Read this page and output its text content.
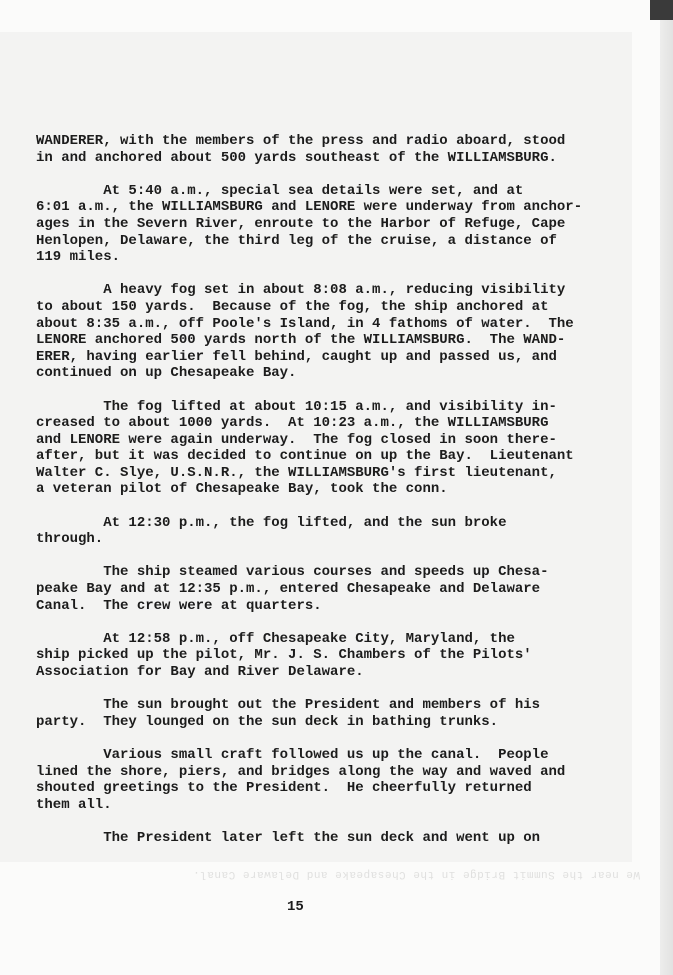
We near the Summit Bridge in the Chesapeake and Delaware Canal.
WANDERER, with the members of the press and radio aboard, stood
in and anchored about 500 yards southeast of the WILLIAMSBURG.
At 5:40 a.m., special sea details were set, and at
6:01 a.m., the WILLIAMSBURG and LENORE were underway from anchor-
ages in the Severn River, enroute to the Harbor of Refuge, Cape
Henlopen, Delaware, the third leg of the cruise, a distance of
119 miles.
A heavy fog set in about 8:08 a.m., reducing visibility
to about 150 yards.  Because of the fog, the ship anchored at
about 8:35 a.m., off Poole's Island, in 4 fathoms of water.  The
LENORE anchored 500 yards north of the WILLIAMSBURG.  The WAND-
ERER, having earlier fell behind, caught up and passed us, and
continued on up Chesapeake Bay.
The fog lifted at about 10:15 a.m., and visibility in-
creased to about 1000 yards.  At 10:23 a.m., the WILLIAMSBURG
and LENORE were again underway.  The fog closed in soon there-
after, but it was decided to continue on up the Bay.  Lieutenant
Walter C. Slye, U.S.N.R., the WILLIAMSBURG's first lieutenant,
a veteran pilot of Chesapeake Bay, took the conn.
At 12:30 p.m., the fog lifted, and the sun broke
through.
The ship steamed various courses and speeds up Chesa-
peake Bay and at 12:35 p.m., entered Chesapeake and Delaware
Canal.  The crew were at quarters.
At 12:58 p.m., off Chesapeake City, Maryland, the
ship picked up the pilot, Mr. J. S. Chambers of the Pilots'
Association for Bay and River Delaware.
The sun brought out the President and members of his
party.  They lounged on the sun deck in bathing trunks.
Various small craft followed us up the canal.  People
lined the shore, piers, and bridges along the way and waved and
shouted greetings to the President.  He cheerfully returned
them all.
The President later left the sun deck and went up on
15
